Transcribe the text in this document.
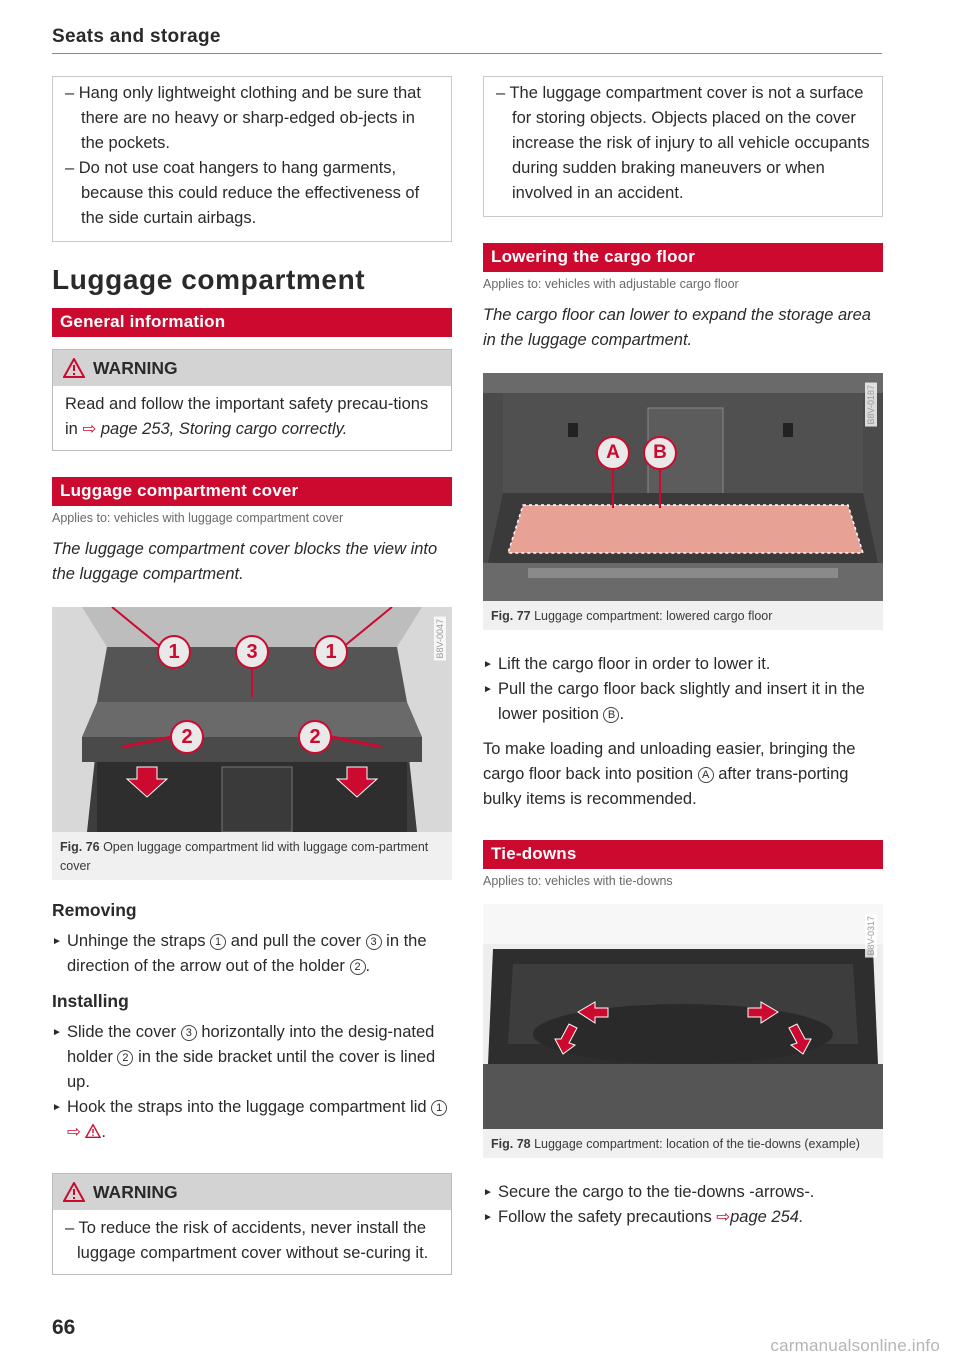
Seats and storage
– Hang only lightweight clothing and be sure that there are no heavy or sharp-edged ob-jects in the pockets.
– Do not use coat hangers to hang garments, because this could reduce the effectiveness of the side curtain airbags.
Luggage compartment
General information
WARNING
Read and follow the important safety precau-tions in ⇨ page 253, Storing cargo correctly.
Luggage compartment cover
Applies to: vehicles with luggage compartment cover
The luggage compartment cover blocks the view into the luggage compartment.
1	3	1
2	2
B8V-0047
Fig. 76 Open luggage compartment lid with luggage com-partment cover
Removing
► Unhinge the straps 1 and pull the cover 3 in the direction of the arrow out of the holder 2 .
Installing
► Slide the cover 3 horizontally into the desig-nated holder 2 in the side bracket until the cover is lined up.
► Hook the straps into the luggage compartment lid 1 ⇨ .
WARNING
– To reduce the risk of accidents, never install the luggage compartment cover without se-curing it.
– The luggage compartment cover is not a surface for storing objects. Objects placed on the cover increase the risk of injury to all vehicle occupants during sudden braking maneuvers or when involved in an accident.
Lowering the cargo floor
Applies to: vehicles with adjustable cargo floor
The cargo floor can lower to expand the storage area in the luggage compartment.
A	B
B8V-0187
Fig. 77 Luggage compartment: lowered cargo floor
► Lift the cargo floor in order to lower it.
► Pull the cargo floor back slightly and insert it in the lower position B .
To make loading and unloading easier, bringing the cargo floor back into position A after trans-porting bulky items is recommended.
Tie-downs
Applies to: vehicles with tie-downs
B8V-0317
Fig. 78 Luggage compartment: location of the tie-downs (example)
► Secure the cargo to the tie-downs -arrows-.
► Follow the safety precautions ⇨page 254.
66
carmanualsonline.info
